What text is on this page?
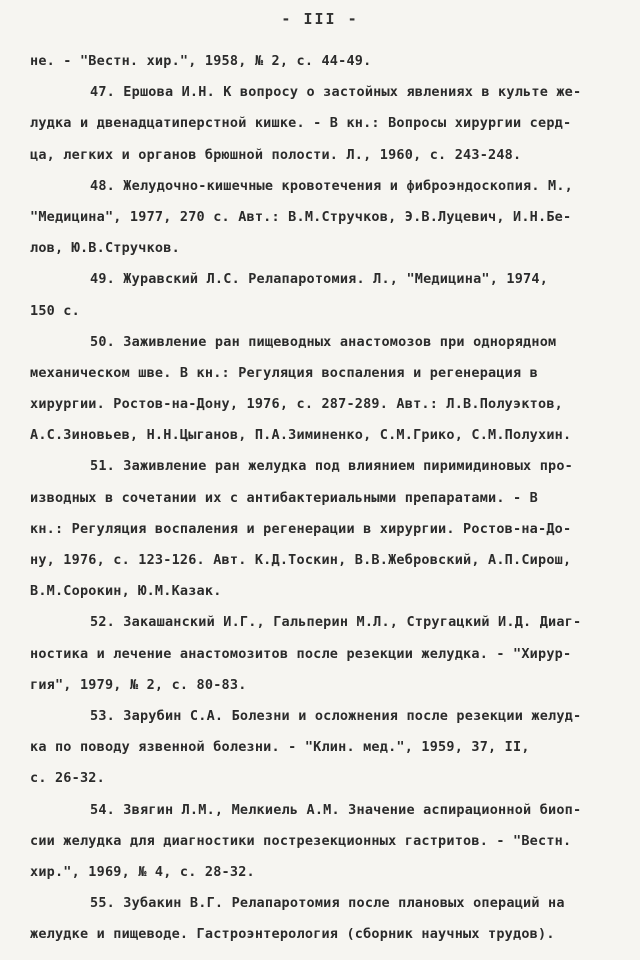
- III -
не. - "Вестн. хир.", 1958, № 2, с. 44-49.
47. Ершова И.Н. К вопросу о застойных явлениях в культе же-
лудка и двенадцатиперстной кишке. - В кн.: Вопросы хирургии серд-
ца, легких и органов брюшной полости. Л., 1960, с. 243-248.
48. Желудочно-кишечные кровотечения и фиброэндоскопия. М.,
"Медицина", 1977, 270 с. Авт.: В.М.Стручков, Э.В.Луцевич, И.Н.Бе-
лов, Ю.В.Стручков.
49. Журавский Л.С. Релапаротомия. Л., "Медицина", 1974,
150 с.
50. Заживление ран пищеводных анастомозов при однорядном
механическом шве. В кн.: Регуляция воспаления и регенерация в
хирургии. Ростов-на-Дону, 1976, с. 287-289. Авт.: Л.В.Полуэктов,
А.С.Зиновьев, Н.Н.Цыганов, П.А.Зиминенко, С.М.Грико, С.М.Полухин.
51. Заживление ран желудка под влиянием пиримидиновых про-
изводных в сочетании их с антибактериальными препаратами. - В
кн.: Регуляция воспаления и регенерации в хирургии. Ростов-на-До-
ну, 1976, с. 123-126. Авт. К.Д.Тоскин, В.В.Жебровский, А.П.Сирош,
В.М.Сорокин, Ю.М.Казак.
52. Закашанский И.Г., Гальперин М.Л., Стругацкий И.Д. Диаг-
ностика и лечение анастомозитов после резекции желудка. - "Хирур-
гия", 1979, № 2, с. 80-83.
53. Зарубин С.А. Болезни и осложнения после резекции желуд-
ка по поводу язвенной болезни. - "Клин. мед.", 1959, 37, II,
с. 26-32.
54. Звягин Л.М., Мелкиель А.М. Значение аспирационной биоп-
сии желудка для диагностики пострезекционных гастритов. - "Вестн.
хир.", 1969, № 4, с. 28-32.
55. Зубакин В.Г. Релапаротомия после плановых операций на
желудке и пищеводе. Гастроэнтерология (сборник научных трудов).
